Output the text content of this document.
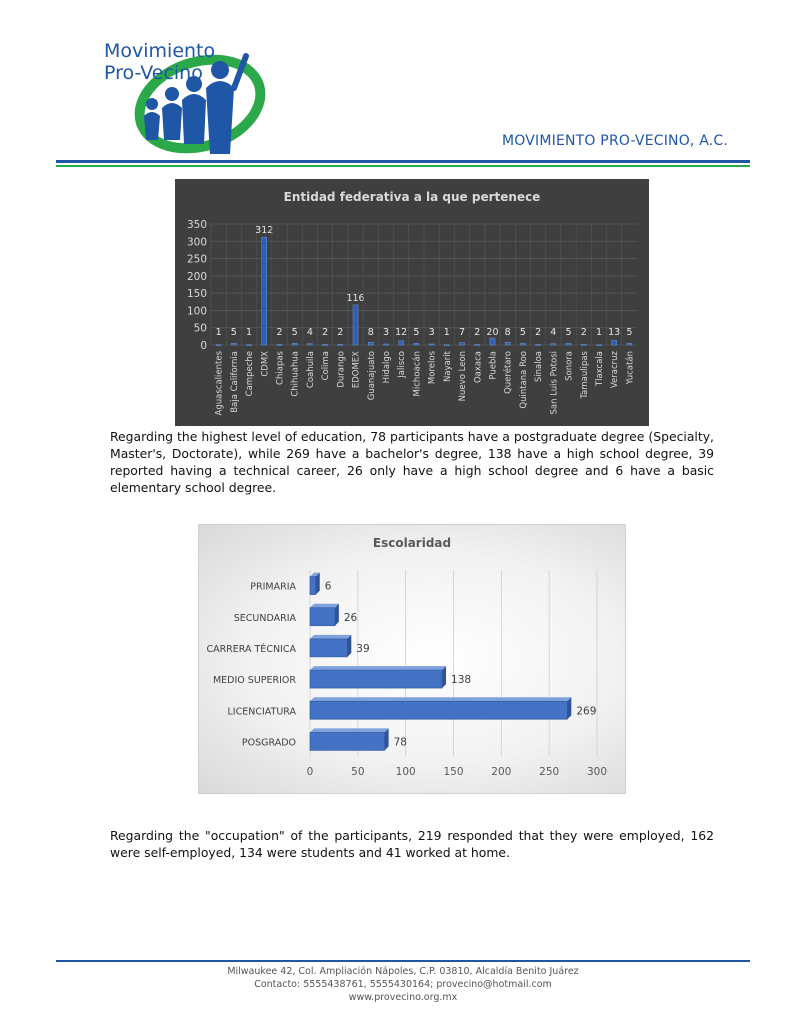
Movimiento
Pro-Vecino
MOVIMIENTO PRO-VECINO, A.C.
Entidad federativa a la que pertenece
0
50
100
150
200
250
300
350
1
Aguascalientes
5
Baja California
1
Campeche
312
CDMX
2
Chiapas
5
Chihuahua
4
Coahuila
2
Colima
2
Durango
116
EDOMEX
8
Guanajuato
3
Hidalgo
12
Jalisco
5
Michoacán
3
Morelos
1
Nayarit
7
Nuevo Leon
2
Oaxaca
20
Puebla
8
Querétaro
5
Quintana Roo
2
Sinaloa
4
San Luis Potosi
5
Sonora
2
Tamaulipas
1
Tlaxcala
13
Veracruz
5
Yucatán
Regarding the highest level of education, 78 participants have a postgraduate degree (Specialty, Master's, Doctorate), while 269 have a bachelor's degree, 138 have a high school degree, 39 reported having a technical career, 26 only have a high school degree and 6 have a basic elementary school degree.
Escolaridad
0	50	100	150	200	250	300
6
PRIMARIA
26
SECUNDARIA
39
CARRERA TÉCNICA
138
MEDIO SUPERIOR
269
LICENCIATURA
78
POSGRADO
Regarding the "occupation" of the participants, 219 responded that they were employed, 162 were self-employed, 134 were students and 41 worked at home.
Milwaukee 42, Col. Ampliación Nápoles, C.P. 03810, Alcaldía Benito Juárez
Contacto: 5555438761, 5555430164; provecino@hotmail.com
www.provecino.org.mx
